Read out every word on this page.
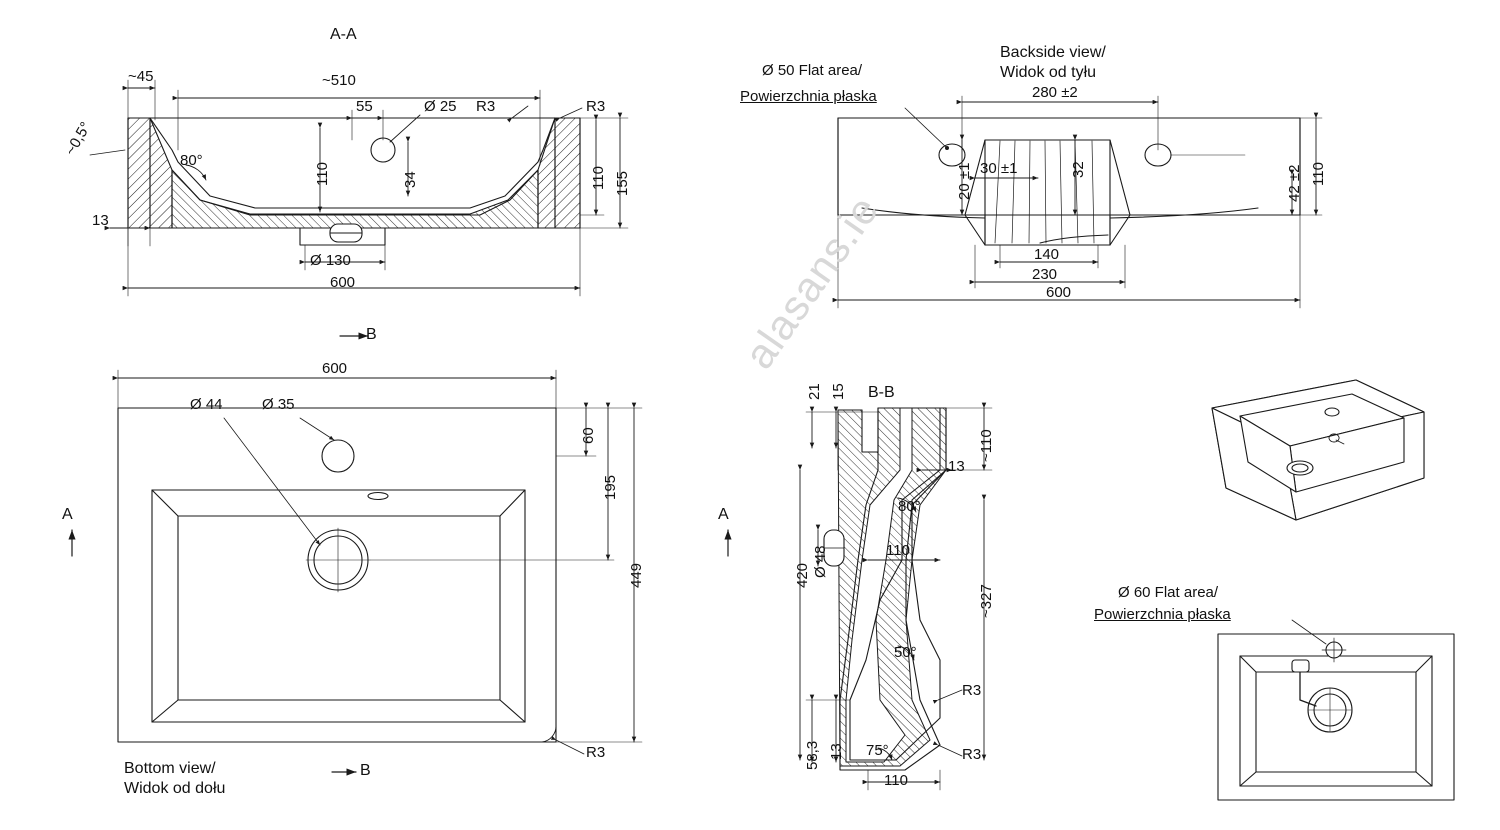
A-A
~45	~510
55	Ø 25 R3	R3
110	110 155
~0,5°
80°
34
13
Ø 130
600
Backside view/
Widok od tyłu
Ø 50 Flat area/
Powierzchnia płaska	280 ±2
30 ±1
20 ±1	32	42 ±2 110
140
230
600
600
Ø 44	Ø 35
60
195
449
R3
A
B
B
Bottom view/
Widok od dołu
B-B
21 15
13
~110
80°
Ø 48	110
420
~327
50°
R3
R3
58,3 13 75°
110
A
Ø 60 Flat area/
Powierzchnia płaska
alasans.ie
